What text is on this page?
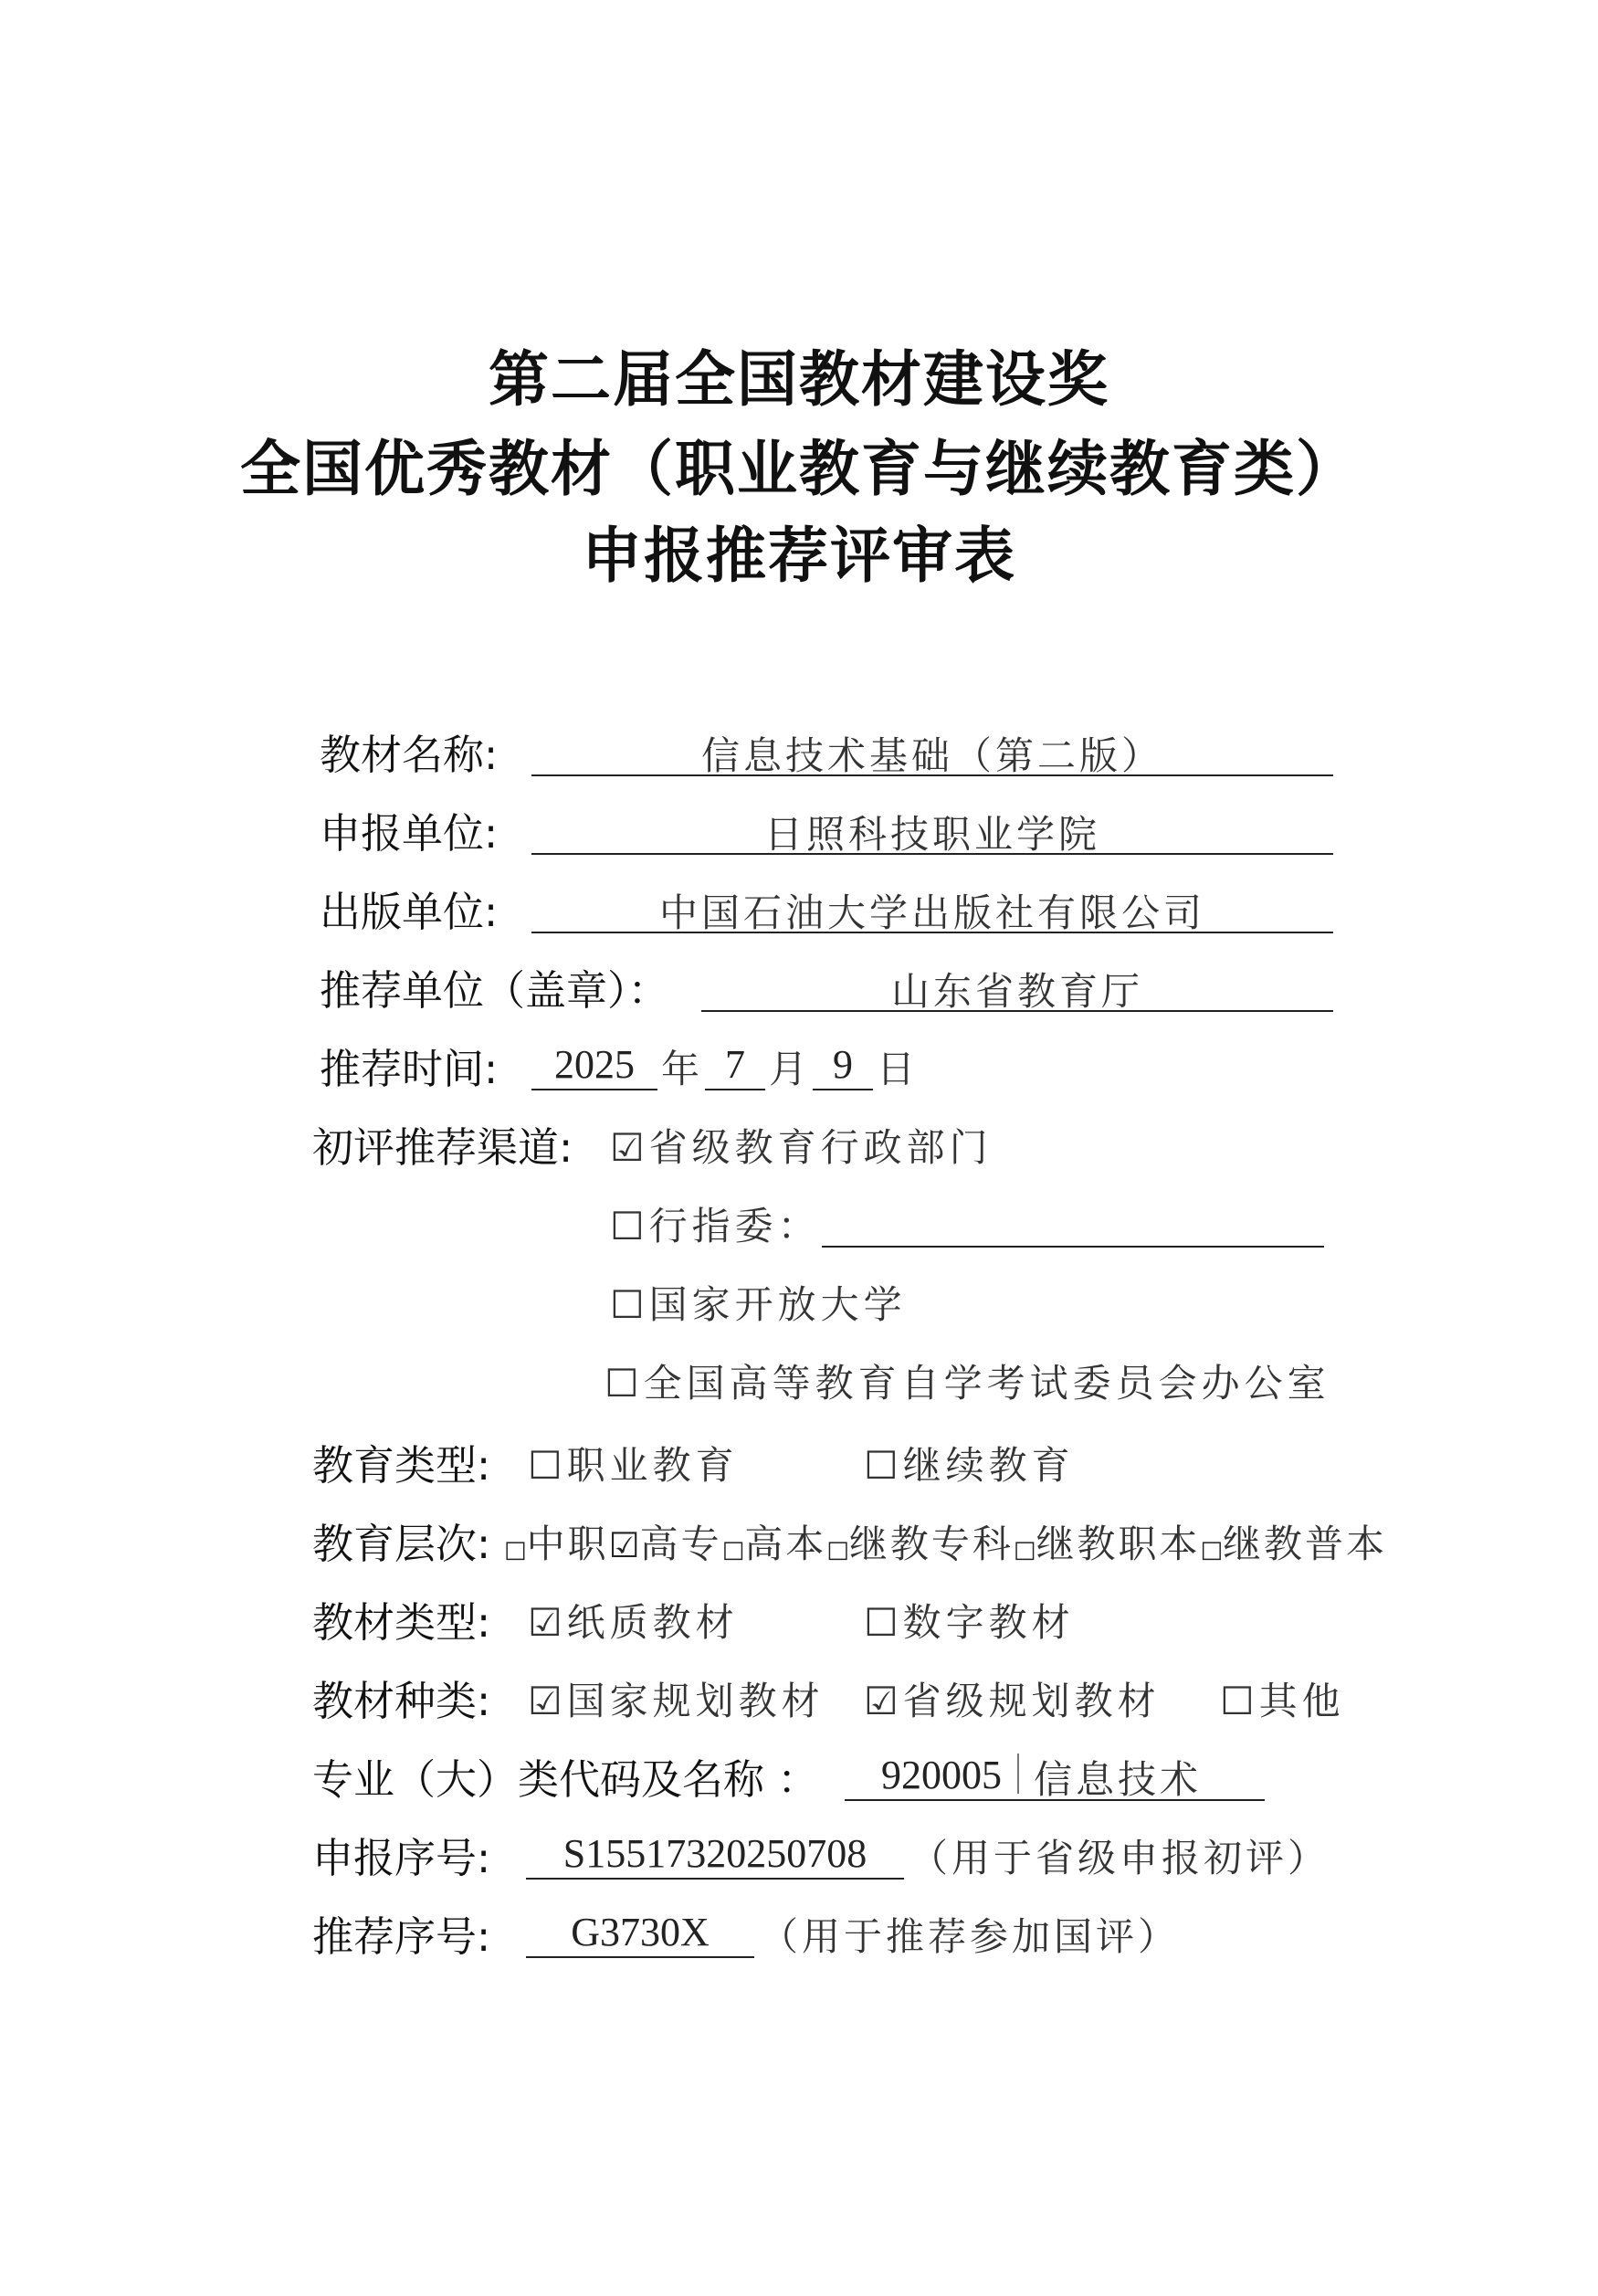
第二届全国教材建设奖
全国优秀教材（职业教育与继续教育类）
申报推荐评审表
教材名称:	信息技术基础（第二版）
申报单位:	日照科技职业学院
出版单位:	中国石油大学出版社有限公司
推荐单位（盖章）：	山东省教育厅
推荐时间:	2025 年 7 月 9 日
初评推荐渠道: ☑省级教育行政部门
☐行指委：
☐国家开放大学
☐全国高等教育自学考试委员会办公室
教育类型: ☐职业教育	☐继续教育
教育层次: □中职☑高专□高本□继教专科□继教职本□继教普本
教材类型: ☑纸质教材	☐数字教材
教材种类: ☑国家规划教材 ☑省级规划教材 ☐其他
专业（大）类代码及名称 ： 920005 信息技术
申报序号:	S15517320250708	（用于省级申报初评）
推荐序号:	G3730X	（用于推荐参加国评）
